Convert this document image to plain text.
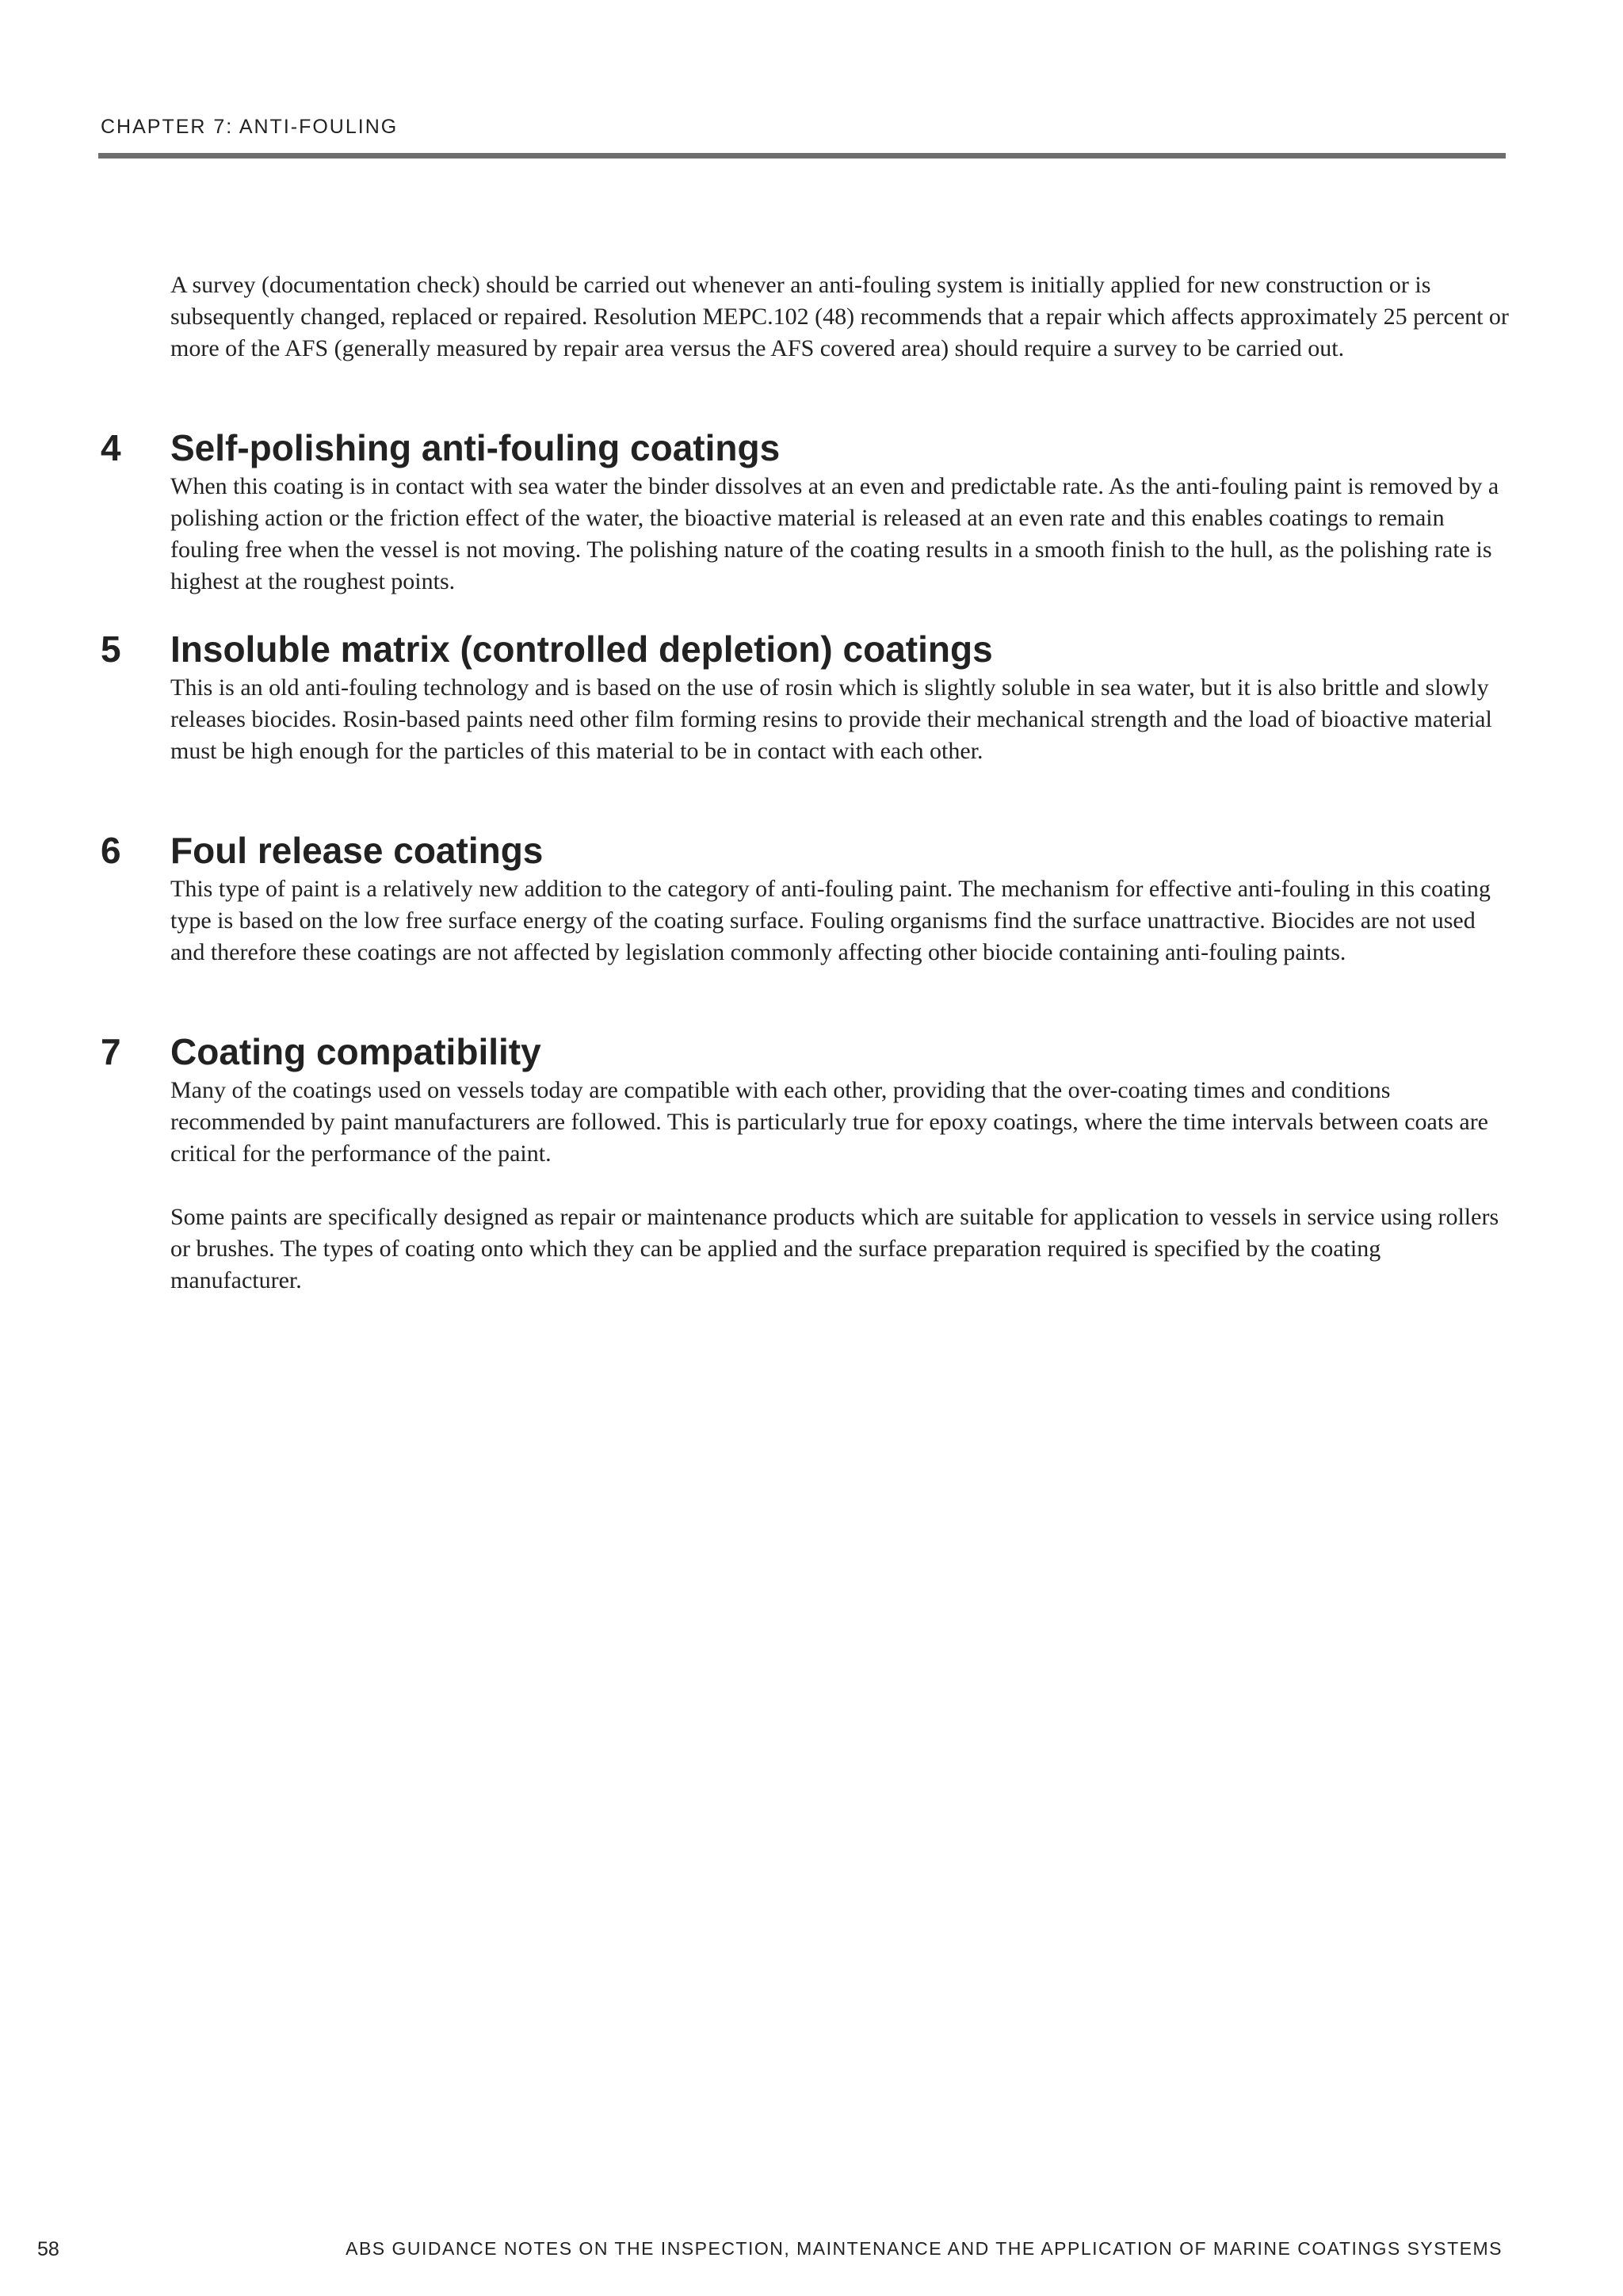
CHAPTER 7: ANTI-FOULING

A survey (documentation check) should be carried out whenever an anti-fouling system is initially applied for new construction or is subsequently changed, replaced or repaired. Resolution MEPC.102 (48) recommends that a repair which affects approximately 25 percent or more of the AFS (generally measured by repair area versus the AFS covered area) should require a survey to be carried out.

4 Self-polishing anti-fouling coatings

When this coating is in contact with sea water the binder dissolves at an even and predictable rate. As the anti-fouling paint is removed by a polishing action or the friction effect of the water, the bioactive material is released at an even rate and this enables coatings to remain fouling free when the vessel is not moving. The polishing nature of the coating results in a smooth finish to the hull, as the polishing rate is highest at the roughest points.

5 Insoluble matrix (controlled depletion) coatings

This is an old anti-fouling technology and is based on the use of rosin which is slightly soluble in sea water, but it is also brittle and slowly releases biocides. Rosin-based paints need other film forming resins to provide their mechanical strength and the load of bioactive material must be high enough for the particles of this material to be in contact with each other.

6 Foul release coatings

This type of paint is a relatively new addition to the category of anti-fouling paint. The mechanism for effective anti-fouling in this coating type is based on the low free surface energy of the coating surface. Fouling organisms find the surface unattractive. Biocides are not used and therefore these coatings are not affected by legislation commonly affecting other biocide containing anti-fouling paints.

7 Coating compatibility

Many of the coatings used on vessels today are compatible with each other, providing that the over-coating times and conditions recommended by paint manufacturers are followed. This is particularly true for epoxy coatings, where the time intervals between coats are critical for the performance of the paint.

Some paints are specifically designed as repair or maintenance products which are suitable for application to vessels in service using rollers or brushes. The types of coating onto which they can be applied and the surface preparation required is specified by the coating manufacturer.

58	ABS GUIDANCE NOTES ON THE INSPECTION, MAINTENANCE AND THE APPLICATION OF MARINE COATINGS SYSTEMS
